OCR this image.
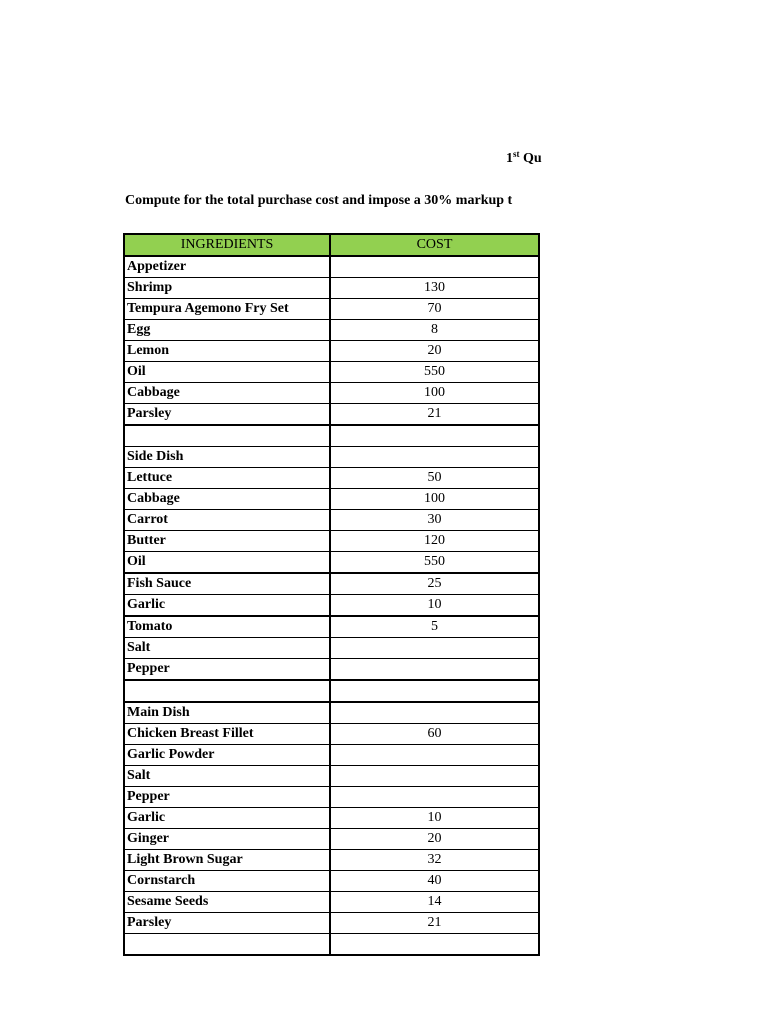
1st Qu
Compute for the total purchase cost and impose a 30% markup t
INGREDIENTS	COST
Appetizer	
Shrimp	130
Tempura Agemono Fry Set	70
Egg	8
Lemon	20
Oil	550
Cabbage	100
Parsley	21

Side Dish	
Lettuce	50
Cabbage	100
Carrot	30
Butter	120
Oil	550
Fish Sauce	25
Garlic	10
Tomato	5
Salt	
Pepper	

Main Dish	
Chicken Breast Fillet	60
Garlic Powder	
Salt	
Pepper	
Garlic	10
Ginger	20
Light Brown Sugar	32
Cornstarch	40
Sesame Seeds	14
Parsley	21
